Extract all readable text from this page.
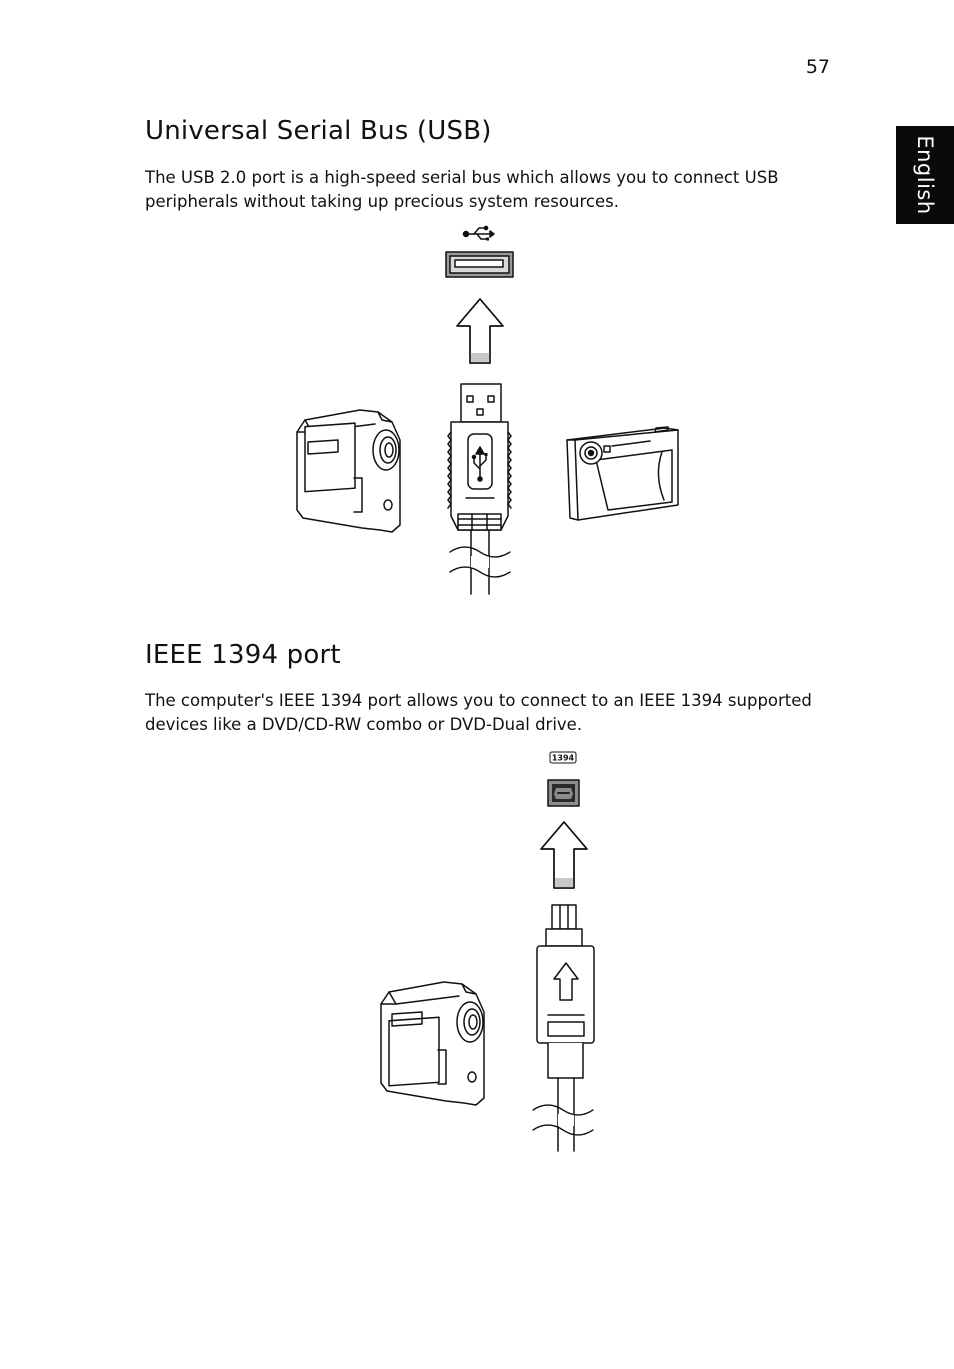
57
English
Universal Serial Bus (USB)

The USB 2.0 port is a high-speed serial bus which allows you to connect USB peripherals without taking up precious system resources.

IEEE 1394 port

The computer's IEEE 1394 port allows you to connect to an IEEE 1394 supported devices like a DVD/CD-RW combo or DVD-Dual drive.

1394
